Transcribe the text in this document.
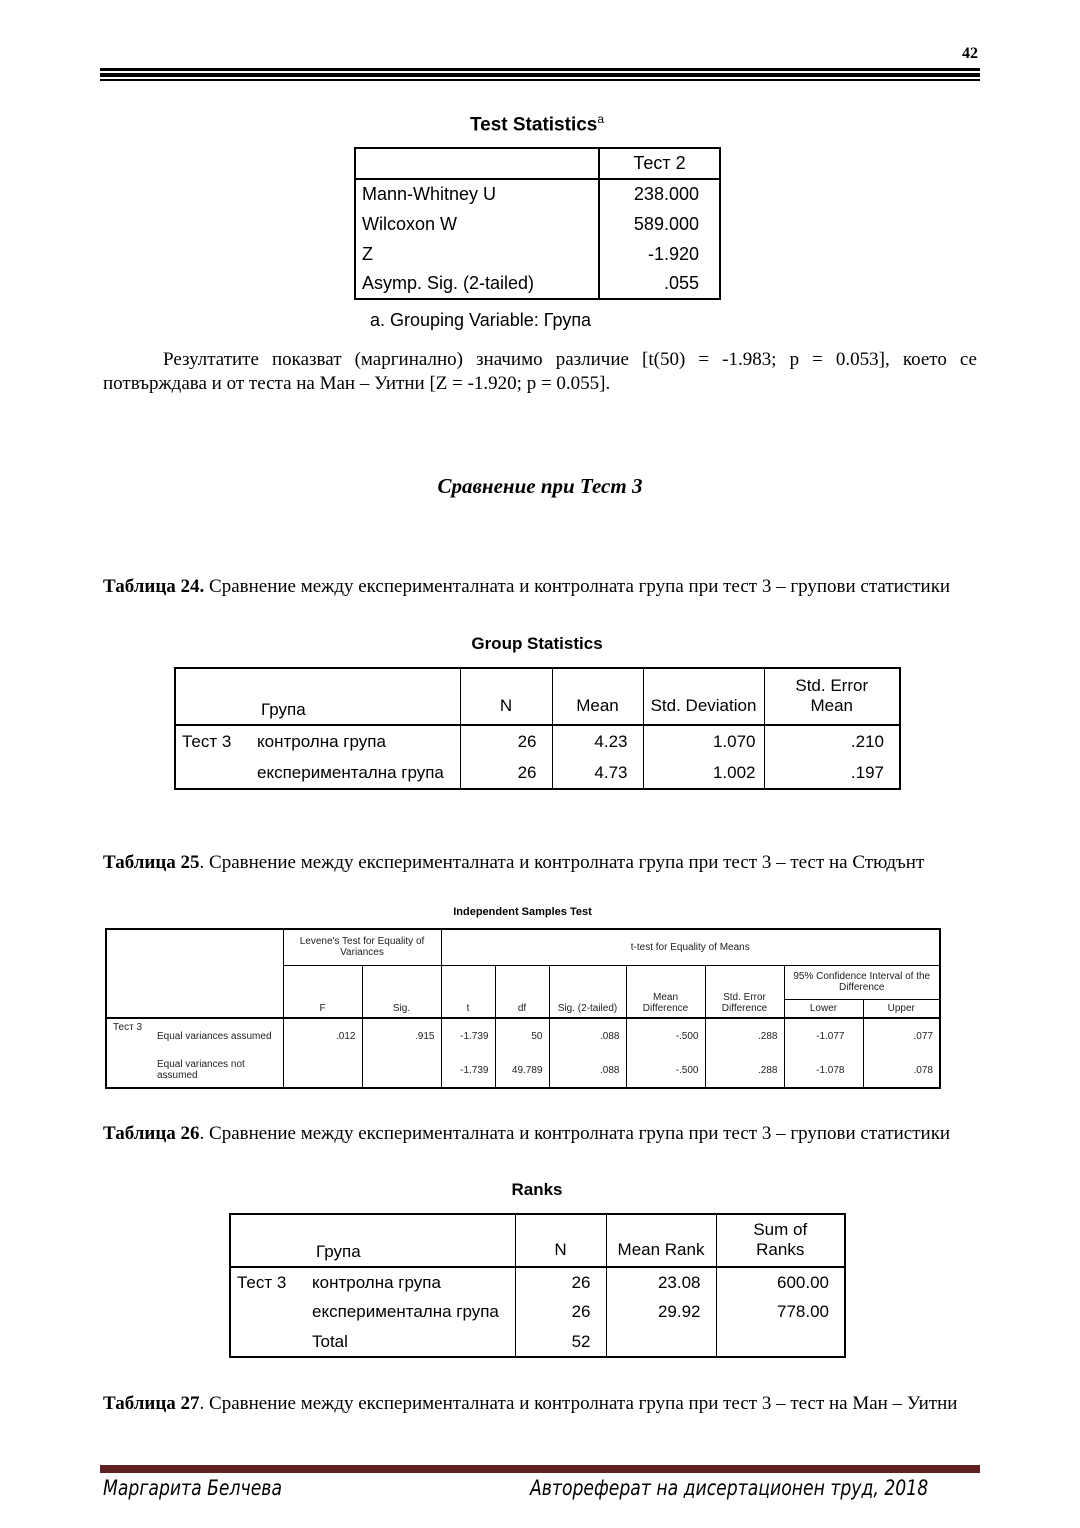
42
Test Statistics$^a$
	Тест 2
Mann-Whitney U	238.000
Wilcoxon W	589.000
Z	-1.920
Asymp. Sig. (2-tailed)	.055
a. Grouping Variable: Група
Резултатите показват (маргинално) значимо различие [t(50) = -1.983; p = 0.053], което се потвърждава и от теста на Ман – Уитни [Z = -1.920; p = 0.055].
Сравнение при Тест 3
Таблица 24. Сравнение между експерименталната и контролната група при тест 3 – групови статистики
Group Statistics
Група		N	Mean	Std. Deviation	Std. Error Mean
Тест 3	контролна група	26	4.23	1.070	.210
	експериментална група	26	4.73	1.002	.197
Таблица 25. Сравнение между експерименталната и контролната група при тест 3 – тест на Стюдънт
Independent Samples Test
		Levene's Test for Equality of Variances		t-test for Equality of Means						
		F	Sig.	t	df	Sig. (2-tailed)	Mean Difference	Std. Error Difference	95% Confidence Interval of the Difference	
									Lower	Upper
Тест 3	Equal variances assumed	.012	.915	-1.739	50	.088	-.500	.288	-1.077	.077
	Equal variances not assumed			-1.739	49.789	.088	-.500	.288	-1.078	.078
Таблица 26. Сравнение между експерименталната и контролната група при тест 3 – групови статистики
Ranks
Група		N	Mean Rank	Sum of Ranks
Тест 3	контролна група	26	23.08	600.00
	експериментална група	26	29.92	778.00
	Total	52		
Таблица 27. Сравнение между експерименталната и контролната група при тест 3 – тест на Ман – Уитни
Маргарита Белчева	Автореферат на дисертационен труд, 2018
